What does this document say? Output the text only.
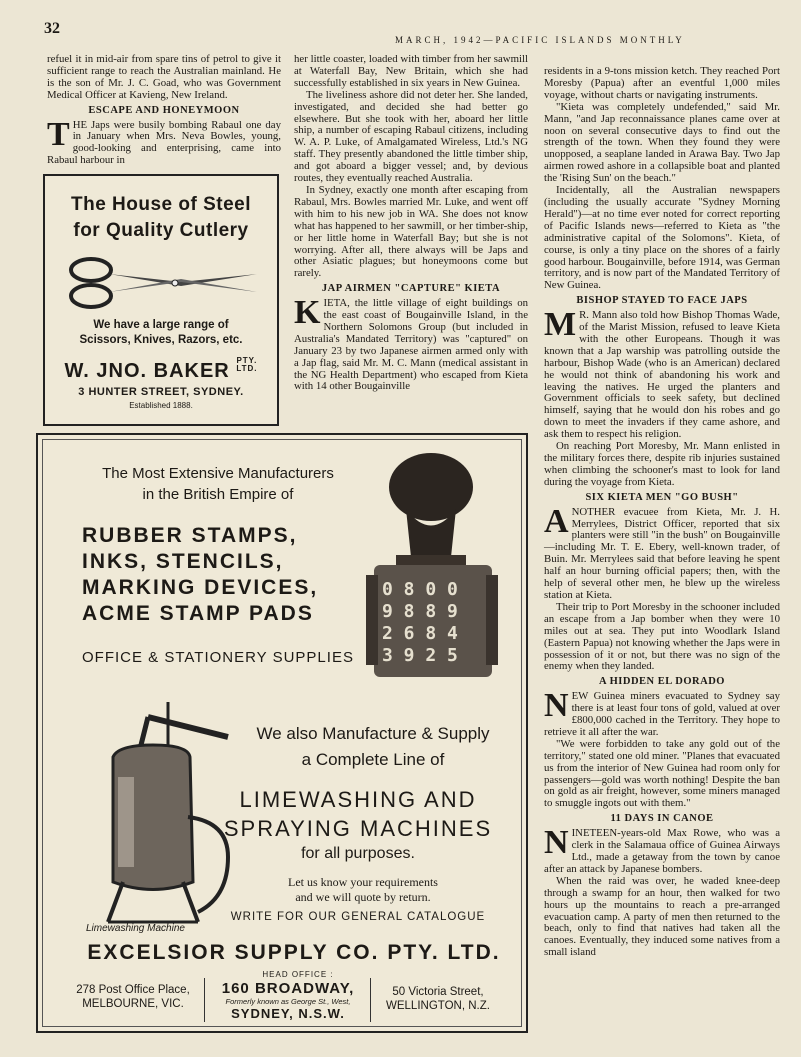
32
MARCH, 1942—PACIFIC ISLANDS MONTHLY

refuel it in mid-air from spare tins of petrol to give it sufficient range to reach the Australian mainland. He is the son of Mr. J. C. Goad, who was Government Medical Officer at Kavieng, New Ireland.

ESCAPE AND HONEYMOON

THE Japs were busily bombing Rabaul one day in January when Mrs. Neva Bowles, young, good-looking and enterprising, came into Rabaul harbour in

The House of Steel
for Quality Cutlery
We have a large range of
Scissors, Knives, Razors, etc.
W. JNO. BAKER PTY.
LTD.
3 HUNTER STREET, SYDNEY.
Established 1888.

her little coaster, loaded with timber from her sawmill at Waterfall Bay, New Britain, which she had successfully established in six years in New Guinea.

The liveliness ashore did not deter her. She landed, investigated, and decided she had better go elsewhere. But she took with her, aboard her little ship, a number of escaping Rabaul citizens, including W. A. P. Luke, of Amalgamated Wireless, Ltd.'s NG staff. They presently abandoned the little timber ship, and got aboard a bigger vessel; and, by devious routes, they eventually reached Australia.

In Sydney, exactly one month after escaping from Rabaul, Mrs. Bowles married Mr. Luke, and went off with him to his new job in WA. She does not know what has happened to her sawmill, or her timber-ship, or her little home in Waterfall Bay; but she is not worrying. After all, there always will be Japs and other Asiatic plagues; but honeymoons come but rarely.

JAP AIRMEN "CAPTURE" KIETA

KIETA, the little village of eight buildings on the east coast of Bougainville Island, in the Northern Solomons Group (but included in Australia's Mandated Territory) was "captured" on January 23 by two Japanese airmen armed only with a Jap flag, said Mr. M. C. Mann (medical assistant in the NG Health Department) who escaped from Kieta with 14 other Bougainville

residents in a 9-tons mission ketch. They reached Port Moresby (Papua) after an eventful 1,000 miles voyage, without charts or navigating instruments.

"Kieta was completely undefended," said Mr. Mann, "and Jap reconnaissance planes came over at noon on several consecutive days to find out the strength of the town. When they found they were unopposed, a seaplane landed in Arawa Bay. Two Jap airmen rowed ashore in a collapsible boat and planted the 'Rising Sun' on the beach."

Incidentally, all the Australian newspapers (including the usually accurate "Sydney Morning Herald")—at no time ever noted for correct reporting of Pacific Islands news—referred to Kieta as "the administrative capital of the Solomons". Kieta, of course, is only a tiny place on the shores of a fairly good harbour. Bougainville, before 1914, was German territory, and is now part of the Mandated Territory of New Guinea.

BISHOP STAYED TO FACE JAPS

M R. Mann also told how Bishop Thomas Wade, of the Marist Mission, refused to leave Kieta with the other Europeans. Though it was known that a Jap warship was patrolling outside the harbour, Bishop Wade (who is an American) declared he would not think of abandoning his work and leaving the natives. He urged the planters and Government officials to seek safety, but declined himself, saying that he would don his robes and go down to meet the invaders if they came ashore, and ask them to respect his religion.

On reaching Port Moresby, Mr. Mann enlisted in the military forces there, despite rib injuries sustained when climbing the schooner's mast to look for land during the voyage from Kieta.

SIX KIETA MEN "GO BUSH"

ANOTHER evacuee from Kieta, Mr. J. H. Merrylees, District Officer, reported that six planters were still "in the bush" on Bougainville—including Mr. T. E. Ebery, well-known trader, of Buin. Mr. Merrylees said that before leaving he spent half an hour burning official papers; then, with the help of several other men, he blew up the wireless station at Kieta.

Their trip to Port Moresby in the schooner included an escape from a Jap bomber when they were 10 miles out at sea. They put into Woodlark Island (Eastern Papua) not knowing whether the Japs were in possession of it or not, but there was no sign of the enemy when they landed.

A HIDDEN EL DORADO

NEW Guinea miners evacuated to Sydney say there is at least four tons of gold, valued at over £800,000 cached in the Territory. They hope to retrieve it all after the war.

"We were forbidden to take any gold out of the territory," stated one old miner. "Planes that evacuated us from the interior of New Guinea had room only for passengers—gold was worth nothing! Despite the ban on gold as air freight, however, some miners managed to smuggle ingots out with them."

11 DAYS IN CANOE

NINETEEN-years-old Max Rowe, who was a clerk in the Salamaua office of Guinea Airways Ltd., made a getaway from the town by canoe after an attack by Japanese bombers.

When the raid was over, he waded knee-deep through a swamp for an hour, then walked for two hours up the mountains to reach a pre-arranged evacuation camp. A party of men then returned to the beach, only to find that natives had taken all the canoes. Eventually, they induced some natives from a small island

The Most Extensive Manufacturers
in the British Empire of
RUBBER STAMPS,
INKS, STENCILS,
MARKING DEVICES,
ACME STAMP PADS
OFFICE & STATIONERY SUPPLIES
0 8 0 0
9 8 8 9
2 6 8 4
3 9 2 5
We also Manufacture & Supply
a Complete Line of
LIMEWASHING AND
SPRAYING MACHINES
for all purposes.
Let us know your requirements
and we will quote by return.
WRITE FOR OUR GENERAL CATALOGUE
Limewashing Machine
EXCELSIOR SUPPLY CO. PTY. LTD.
HEAD OFFICE :
278 Post Office Place,
MELBOURNE, VIC.
160 BROADWAY,
Formerly known as George St., West,
SYDNEY, N.S.W.
50 Victoria Street,
WELLINGTON, N.Z.
